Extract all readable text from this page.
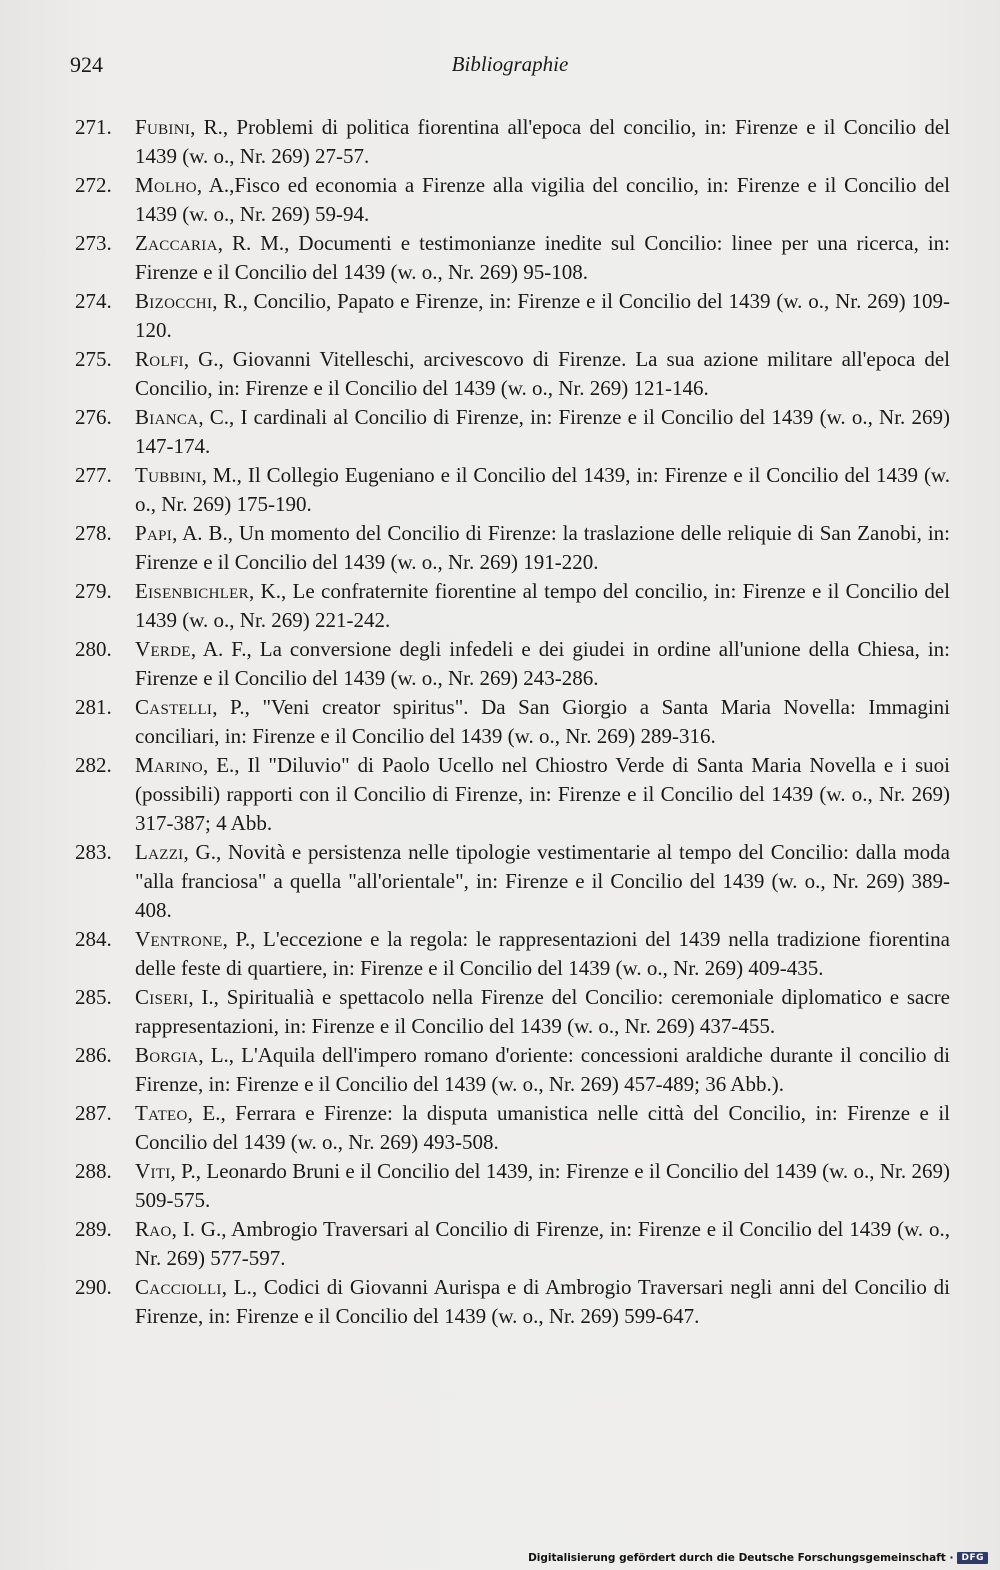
924	Bibliographie
271.	Fubini, R., Problemi di politica fiorentina all'epoca del concilio, in: Firenze e il Concilio del 1439 (w. o., Nr. 269) 27-57.
272.	Molho, A.,Fisco ed economia a Firenze alla vigilia del concilio, in: Firenze e il Concilio del 1439 (w. o., Nr. 269) 59-94.
273.	Zaccaria, R. M., Documenti e testimonianze inedite sul Concilio: linee per una ricerca, in: Firenze e il Concilio del 1439 (w. o., Nr. 269) 95-108.
274.	Bizocchi, R., Concilio, Papato e Firenze, in: Firenze e il Concilio del 1439 (w. o., Nr. 269) 109-120.
275.	Rolfi, G., Giovanni Vitelleschi, arcivescovo di Firenze. La sua azione militare all'epoca del Concilio, in: Firenze e il Concilio del 1439 (w. o., Nr. 269) 121-146.
276.	Bianca, C., I cardinali al Concilio di Firenze, in: Firenze e il Concilio del 1439 (w. o., Nr. 269) 147-174.
277.	Tubbini, M., Il Collegio Eugeniano e il Concilio del 1439, in: Firenze e il Concilio del 1439 (w. o., Nr. 269) 175-190.
278.	Papi, A. B., Un momento del Concilio di Firenze: la traslazione delle reliquie di San Zanobi, in: Firenze e il Concilio del 1439 (w. o., Nr. 269) 191-220.
279.	Eisenbichler, K., Le confraternite fiorentine al tempo del concilio, in: Firenze e il Concilio del 1439 (w. o., Nr. 269) 221-242.
280.	Verde, A. F., La conversione degli infedeli e dei giudei in ordine all'unione della Chiesa, in: Firenze e il Concilio del 1439 (w. o., Nr. 269) 243-286.
281.	Castelli, P., "Veni creator spiritus". Da San Giorgio a Santa Maria Novella: Immagini conciliari, in: Firenze e il Concilio del 1439 (w. o., Nr. 269) 289-316.
282.	Marino, E., Il "Diluvio" di Paolo Ucello nel Chiostro Verde di Santa Maria Novella e i suoi (possibili) rapporti con il Concilio di Firenze, in: Firenze e il Concilio del 1439 (w. o., Nr. 269) 317-387; 4 Abb.
283.	Lazzi, G., Novità e persistenza nelle tipologie vestimentarie al tempo del Concilio: dalla moda "alla franciosa" a quella "all'orientale", in: Firenze e il Concilio del 1439 (w. o., Nr. 269) 389-408.
284.	Ventrone, P., L'eccezione e la regola: le rappresentazioni del 1439 nella tradizione fiorentina delle feste di quartiere, in: Firenze e il Concilio del 1439 (w. o., Nr. 269) 409-435.
285.	Ciseri, I., Spiritualià e spettacolo nella Firenze del Concilio: ceremoniale diplomatico e sacre rappresentazioni, in: Firenze e il Concilio del 1439 (w. o., Nr. 269) 437-455.
286.	Borgia, L., L'Aquila dell'impero romano d'oriente: concessioni araldiche durante il concilio di Firenze, in: Firenze e il Concilio del 1439 (w. o., Nr. 269) 457-489; 36 Abb.).
287.	Tateo, E., Ferrara e Firenze: la disputa umanistica nelle città del Concilio, in: Firenze e il Concilio del 1439 (w. o., Nr. 269) 493-508.
288.	Viti, P., Leonardo Bruni e il Concilio del 1439, in: Firenze e il Concilio del 1439 (w. o., Nr. 269) 509-575.
289.	Rao, I. G., Ambrogio Traversari al Concilio di Firenze, in: Firenze e il Concilio del 1439 (w. o., Nr. 269) 577-597.
290.	Cacciolli, L., Codici di Giovanni Aurispa e di Ambrogio Traversari negli anni del Concilio di Firenze, in: Firenze e il Concilio del 1439 (w. o., Nr. 269) 599-647.
Digitalisierung gefördert durch die Deutsche Forschungsgemeinschaft · DFG
